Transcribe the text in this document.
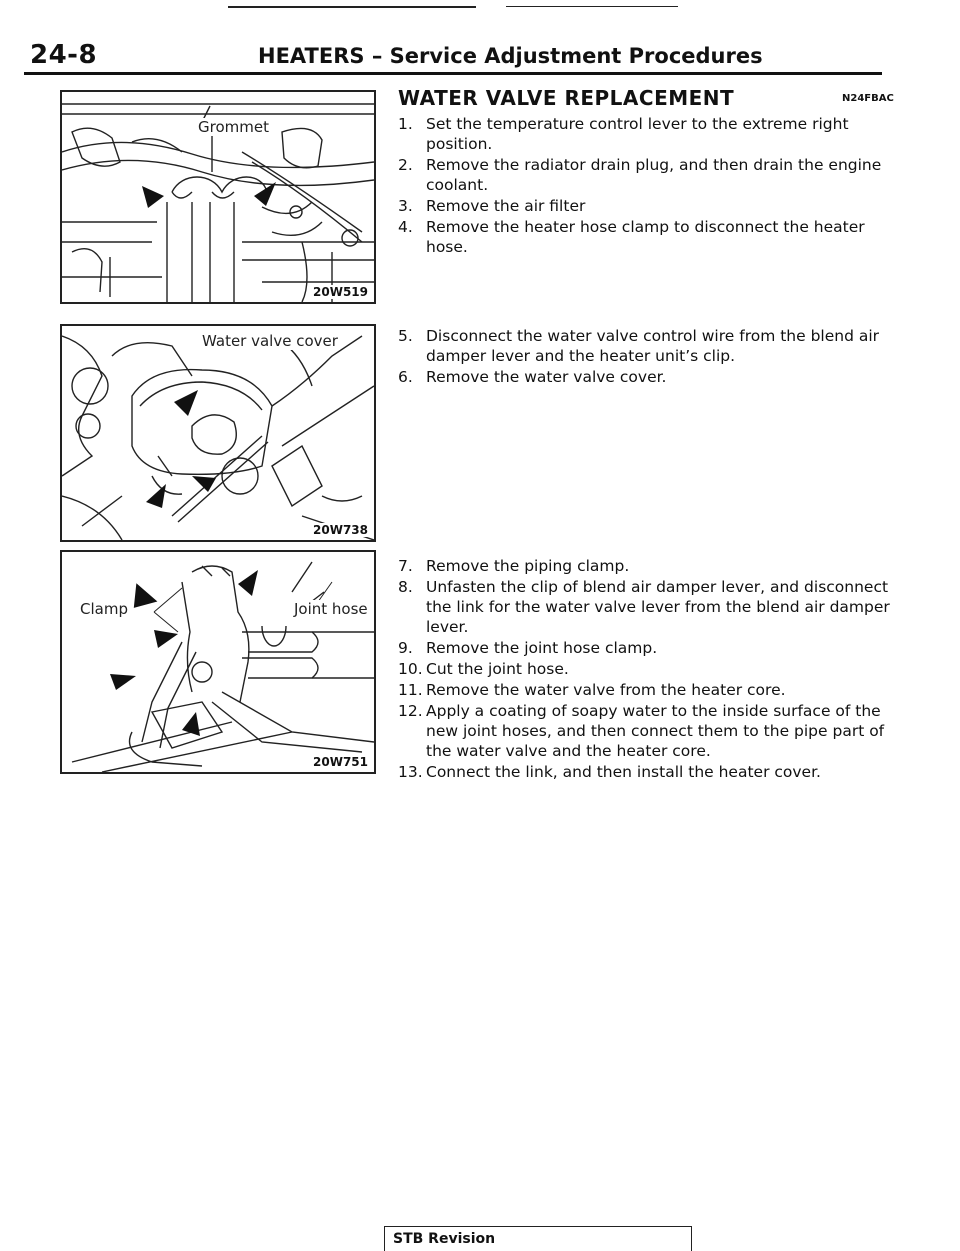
24-8	HEATERS – Service Adjustment Procedures
Grommet
20W519
Water valve cover
20W738
Clamp	Joint hose
20W751
WATER VALVE REPLACEMENT	N24FBAC
1. Set the temperature control lever to the extreme right position.
2. Remove the radiator drain plug, and then drain the engine coolant.
3. Remove the air filter
4. Remove the heater hose clamp to disconnect the heater hose.
5. Disconnect the water valve control wire from the blend air damper lever and the heater unit’s clip.
6. Remove the water valve cover.
7. Remove the piping clamp.
8. Unfasten the clip of blend air damper lever, and disconnect the link for the water valve lever from the blend air damper lever.
9. Remove the joint hose clamp.
10. Cut the joint hose.
11. Remove the water valve from the heater core.
12. Apply a coating of soapy water to the inside surface of the new joint hoses, and then connect them to the pipe part of the water valve and the heater core.
13. Connect the link, and then install the heater cover.
STB Revision
